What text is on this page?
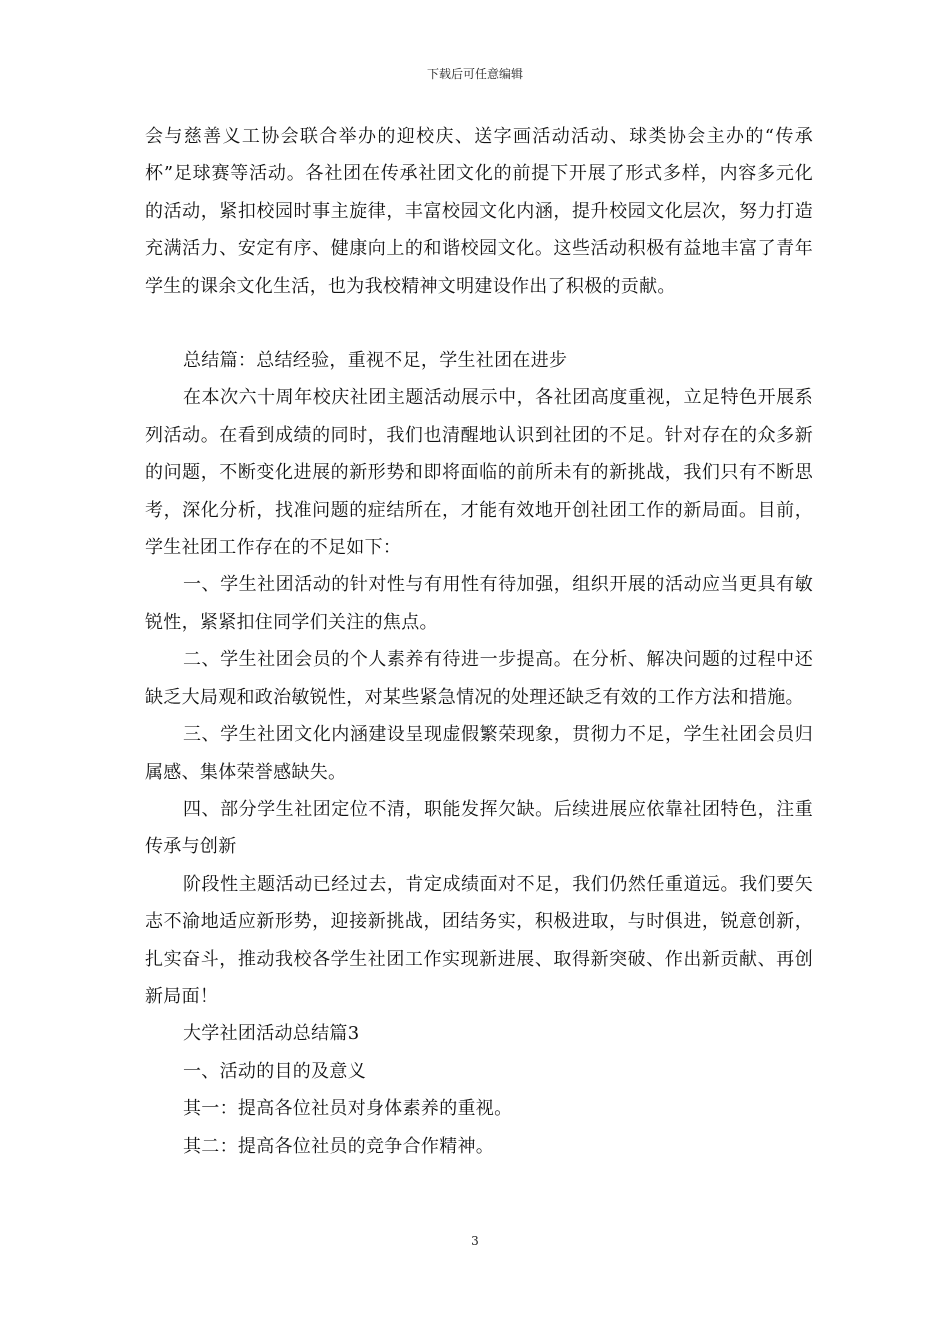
下载后可任意编辑

会与慈善义工协会联合举办的迎校庆、送字画活动活动、球类协会主办的“传承杯”足球赛等活动。各社团在传承社团文化的前提下开展了形式多样，内容多元化的活动，紧扣校园时事主旋律，丰富校园文化内涵，提升校园文化层次，努力打造充满活力、安定有序、健康向上的和谐校园文化。这些活动积极有益地丰富了青年学生的课余文化生活，也为我校精神文明建设作出了积极的贡献。

总结篇：总结经验，重视不足，学生社团在进步

在本次六十周年校庆社团主题活动展示中，各社团高度重视，立足特色开展系列活动。在看到成绩的同时，我们也清醒地认识到社团的不足。针对存在的众多新的问题，不断变化进展的新形势和即将面临的前所未有的新挑战，我们只有不断思考，深化分析，找准问题的症结所在，才能有效地开创社团工作的新局面。目前，学生社团工作存在的不足如下：

一、学生社团活动的针对性与有用性有待加强，组织开展的活动应当更具有敏锐性，紧紧扣住同学们关注的焦点。

二、学生社团会员的个人素养有待进一步提高。在分析、解决问题的过程中还缺乏大局观和政治敏锐性，对某些紧急情况的处理还缺乏有效的工作方法和措施。

三、学生社团文化内涵建设呈现虚假繁荣现象，贯彻力不足，学生社团会员归属感、集体荣誉感缺失。

四、部分学生社团定位不清，职能发挥欠缺。后续进展应依靠社团特色，注重传承与创新

阶段性主题活动已经过去，肯定成绩面对不足，我们仍然任重道远。我们要矢志不渝地适应新形势，迎接新挑战，团结务实，积极进取，与时俱进，锐意创新，扎实奋斗，推动我校各学生社团工作实现新进展、取得新突破、作出新贡献、再创新局面！

大学社团活动总结篇3

一、活动的目的及意义

其一：提高各位社员对身体素养的重视。

其二：提高各位社员的竞争合作精神。

3
